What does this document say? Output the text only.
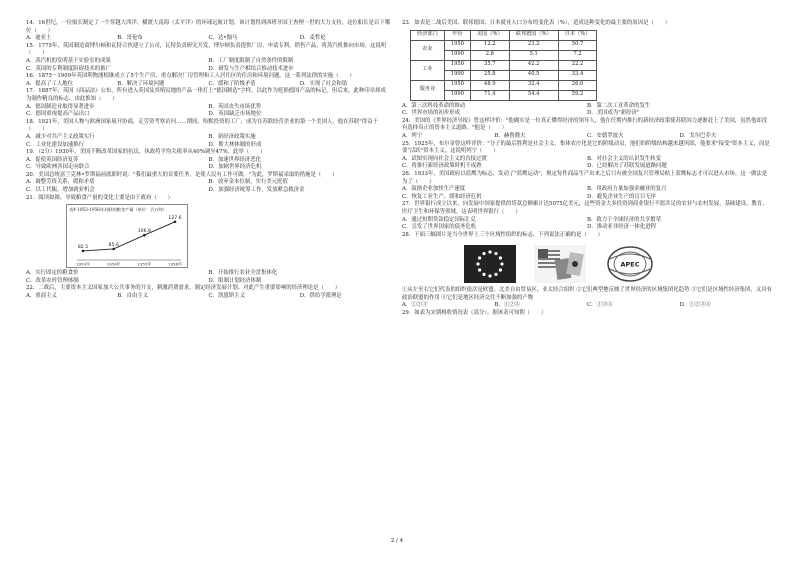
14．16世纪，一位船长制定了一个穿越大西洋、横渡大南海（太平洋）的环球远航计划，该计划得到西班牙国王查理一世的大力支持，这位船长是以下哪位（　　）

A．迪亚士	B．哥伦布	C．达•伽马	D．麦哲伦

15．1775年，英国制造商博尔顿和瓦特合伙建立了公司，瓦特负责研究开发，博尔顿负责提供厂房、申请专利、销售产品，将蒸汽机推向市场。这说明（　　）

A．蒸汽机的发明基于实验室的成果	B．工厂制度限制了自然条件的限制
C．英国的专利制度阻碍技术的推广	D．研发与生产相结合推动技术进步

16．1875－1909年英国利物浦相继成立了5个生产房，重点解决厂房管理和工人居住区的住房和环境问题。这一系列法律的实施（　　）

A．提高了工人地位	B．解决了环境问题	C．缓和了阶级矛盾	D．实现了社会和谐

17．1887年，英国《商品法》公布，所有进入英国及其殖民地的产品一律打上"德国制造"字样，以此作为贬损德国产品的标记。但后来，此种印章却成为制作精良的标志。由此推知（　　）

A．德国制造业取得显著进步	B．英国丧失市场优势
C．德国重视提高产品出口	D．英国缺乏市场地位

18．1921年，美国人物与欧洲国家展开协商，走劳资考察访问……期间，哈默投资的工厂，成为在苏联经营企业的第一个美国人，他在苏联"得益于（　　）

A．减少对共产主义政策实行	B．新经济政策实施
C．工业化建设加速推行	D．斯大林体制的形成

19．（2分）1930年，美国不断改革国家的抗议，执政将平均关税率从40%调至47%，此举（　　）

A．促使英国经济复苏	B．加速世界经济恶化
C．导致欧洲各国走向联合	D．加剧世界经济危机

20．美国总统富兰克林•罗斯福前就职时说："我们最重大的首要任务，是使人民有工作可做。"为此，罗斯福采取的措施是（　　）

A．调整劳资关系，缓和矛盾	B．放弃金本位制，实行美元贬值
C．以工代赈，增加就业机会	D．加强经济统筹工作，发放紧急救济金

21．阅读如图，导致粮食产量的变化主要是由于政府（　　）

表4 1953-1956年苏联的粮食产量（单位：百万吨）
82.5
1953年
85.6
1954年
106.8
1955年
127.6
1956年
A．实行固定的粮食价	B．开始推行农业全盘集体化
C．改革农村管理体制	D．限制计划经济体制

22．二战后，主要资本主义国家加大公共事务的开支，刺激消费需求，制定经济发展计划。对此产生重要影响的经济理论是（　　）

A．重商主义	B．自由主义	C．凯恩斯主义	D．供给学派理论

23．如表是二战后美国、联邦德国、日本就业人口分布的变化表（%），造成这种变化的最主要的原因是（　　）

经济部门	年份	美国（%）	联邦德国（%）	日本（%）
农业	1950	12.2	23.2	50.7
	1990	2.8	5.1	7.2
工业	1950	35.7	42.2	22.2
	1990	25.8	40.5	33.4
服务业	1950	48.9	32.4	26.6
	1990	71.4	54.4	59.2
A．第三次科技革命的推动	B．第二次工业革命的发生
C．世界市场的初步形成	D．美国成为"新经济"

24．美国的《世界经济导报》曾这样评价："他确实是一位真正懂得经济的领导人，他在任期内推行的新经济政策使苏联国力逐渐赶上了美国，虽然他却没有选择真正的资本主义道路。"他是（　　）

A．列宁	B．赫鲁晓夫	C．安德罗波夫	D．戈尔巴乔夫

25．1925年，布尔金曾这样评价："分子的最后胜利是社会主义，集体农庄化是它的阶级动员，他们的阶级结构越来越巩固，他要求"接受"资本主义，而是要"活跃"资本主义。这说明列宁（　　）

A．试图实现向社会主义的直接过渡	B．对社会主义的认识发生转变
C．将推行新经济政策时机不成熟	D．已经解决了苏联发展道路问题

26．1933年，美国政府以蓝鹰为标志，发动了"蓝鹰运动"，规定每件商品生产出来之后只有被全国复兴管理局贴上蓝鹰标志才可以进入市场。这一做法是为了（　　）

A．鼓励企业加快生产速度	B．用政府力量加强金融业的复兴
C．恢复工业生产，缓和经济危机	D．避免企业生产的盲目无序

27．世界银行成立以来，向发展中国家提供的贷款总额累计达5075亿美元，这些资金大多投资到商业银行不愿涉足的农业与农村发展、基础建设、教育、医疗卫生和环保等领域。这表明世界银行（　　）

A．通过短期贷款稳定国际汇兑	B．致力于全球经济的共享繁荣
C．引发了世界国家的债务危机	D．推动亚非经济一体化进程

28．下面三幅图片是当今世界上三个区域性组织的标志，下列说法正确的是（　　）

APEC

①从左至右它们代表的组织依次是欧盟、北美自由贸易区、亚太经合组织 ②它们典型地反映了世界经济的区域集团化趋势 ③它们是区域性经济集团，又具有政治联盟的作用 ④它们是地区经济交往不断加强的产物

A．①②③	B．①②④	C．①③④	D．①②③④

29．如表为宋朝税收情况表（部分）。据该表可知朝（　　）

2 / 4
